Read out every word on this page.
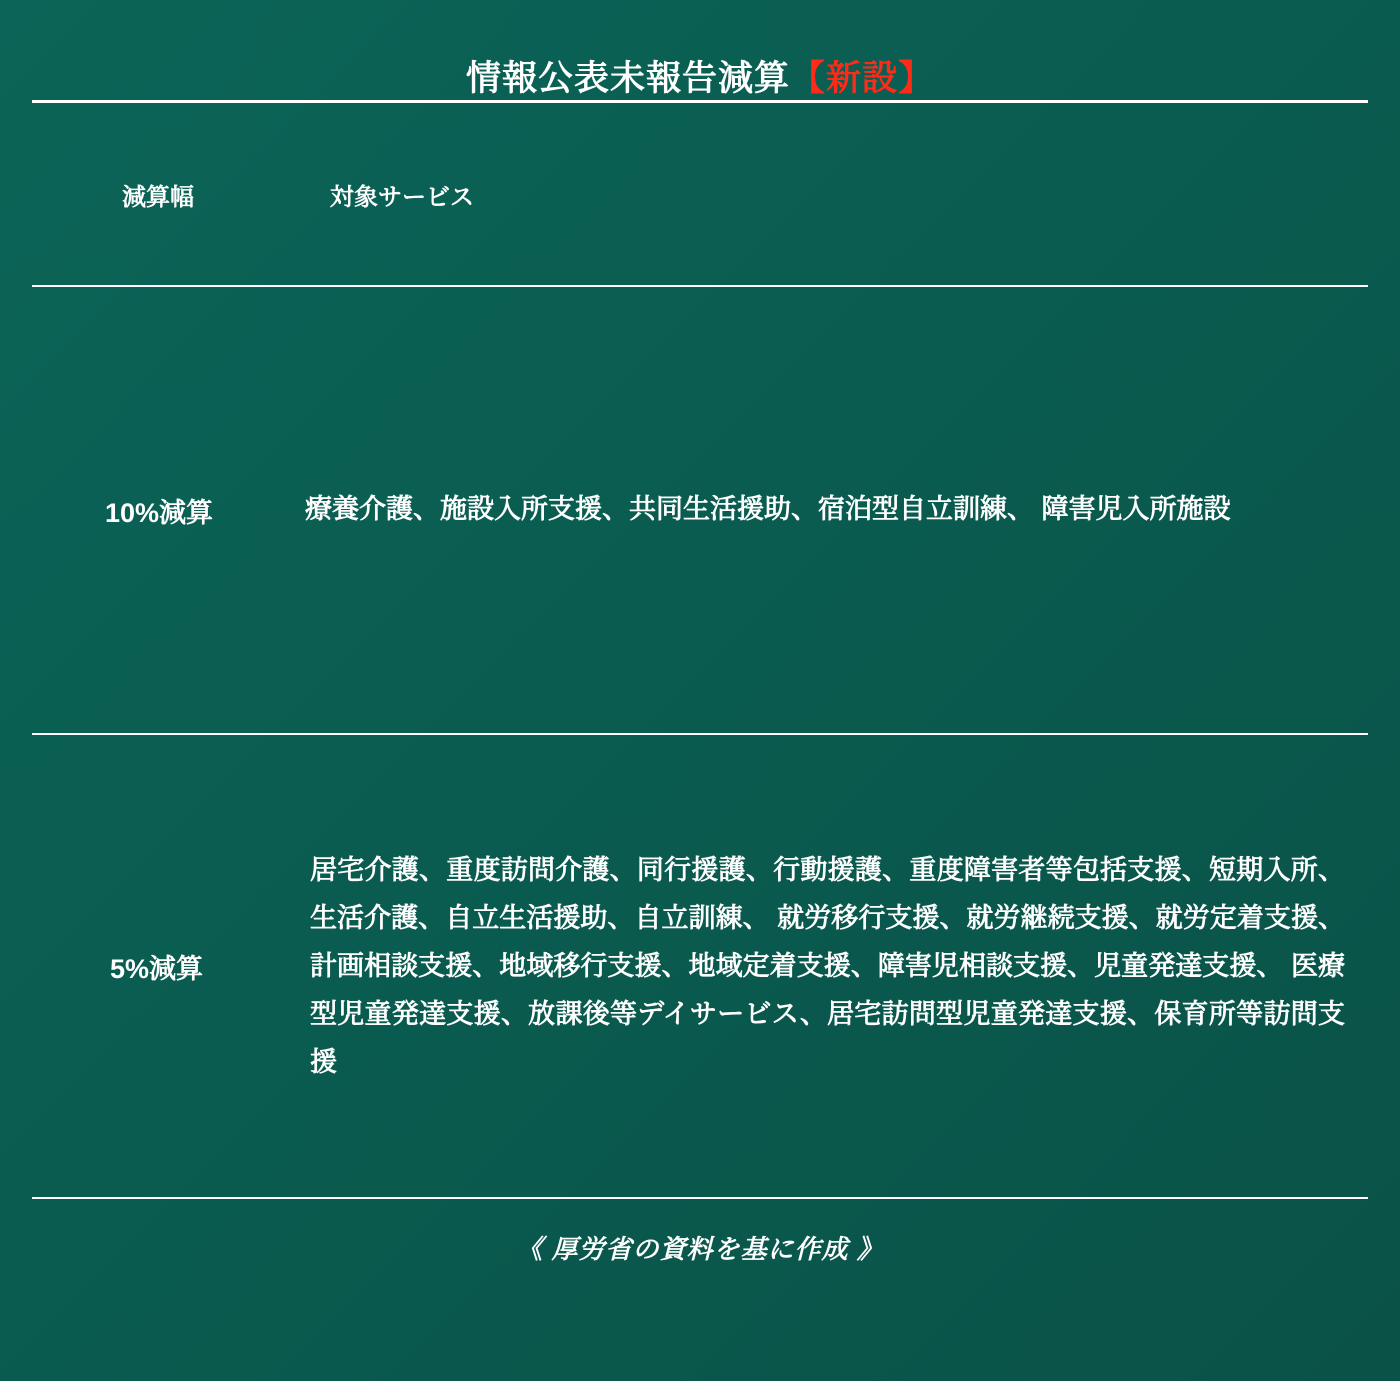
情報公表未報告減算【新設】
減算幅	対象サービス
10%減算	療養介護、施設入所支援、共同生活援助、宿泊型自立訓練、 障害児入所施設
5%減算
居宅介護、重度訪問介護、同行援護、行動援護、重度障害者等包括支援、短期入所、生活介護、自立生活援助、自立訓練、 就労移行支援、就労継続支援、就労定着支援、計画相談支援、地域移行支援、地域定着支援、障害児相談支援、児童発達支援、 医療型児童発達支援、放課後等デイサービス、居宅訪問型児童発達支援、保育所等訪問支援
《 厚労省の資料を基に作成 》
